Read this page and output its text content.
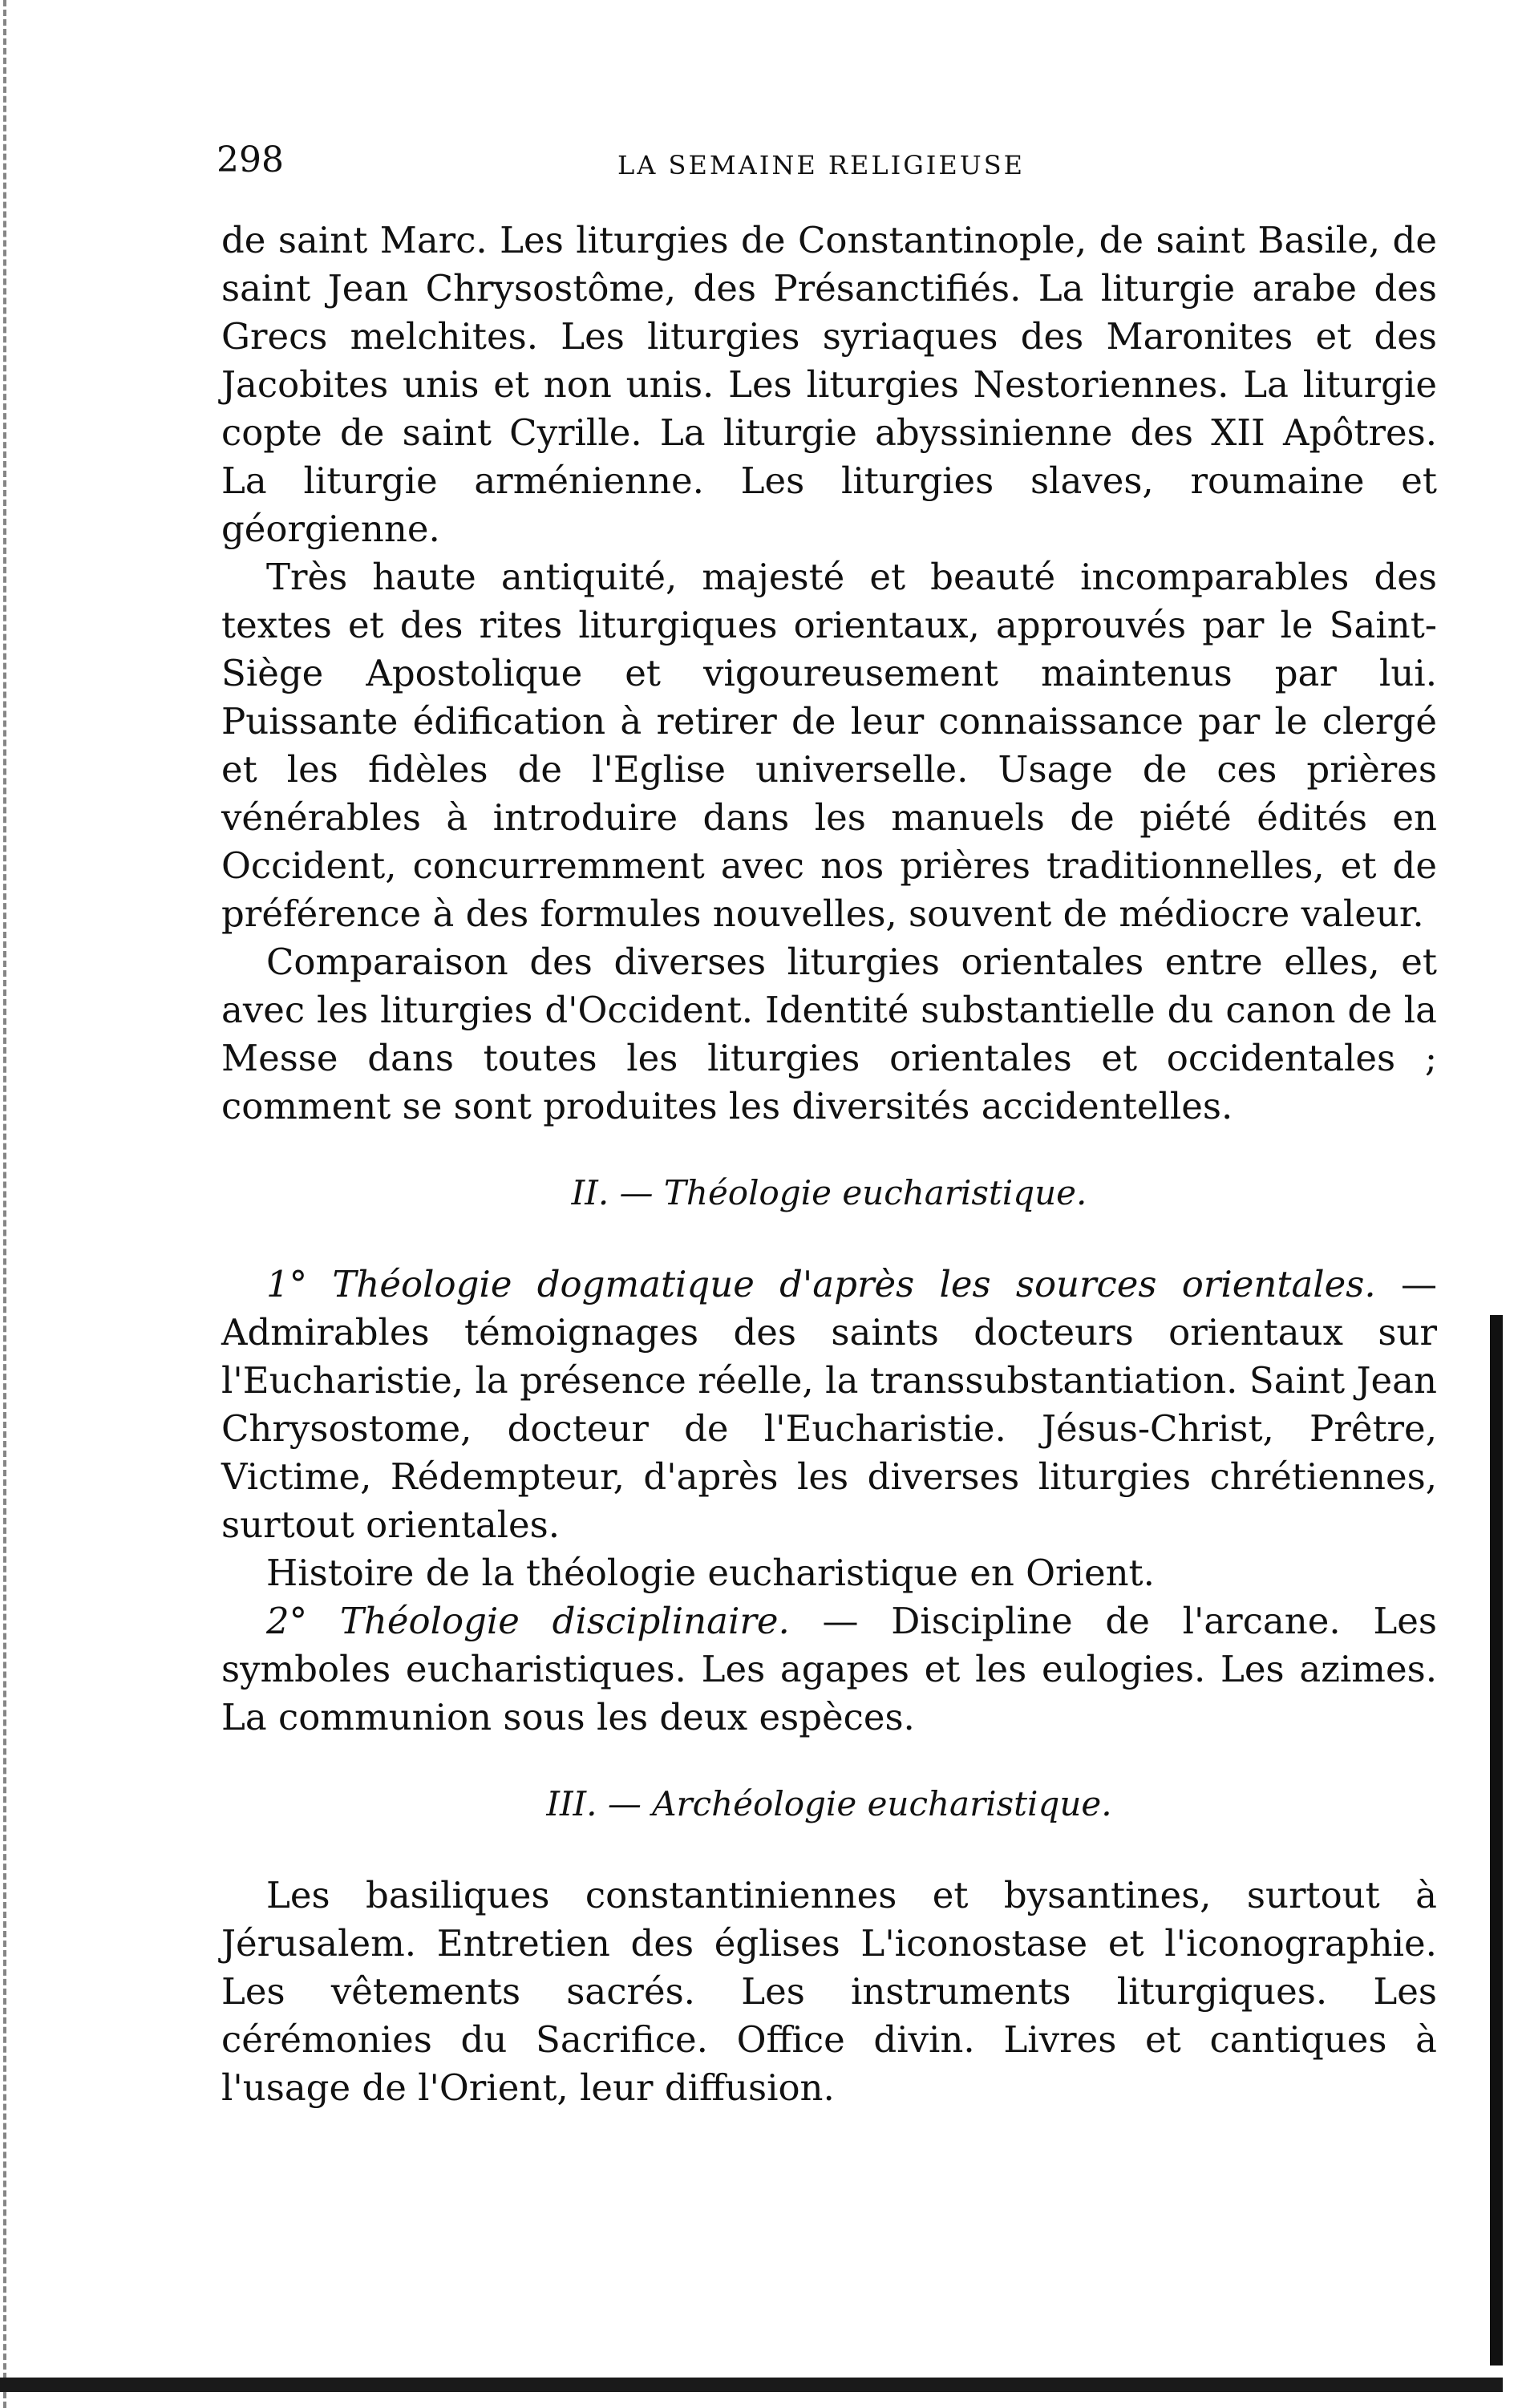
298	LA SEMAINE RELIGIEUSE

de saint Marc. Les liturgies de Constantinople, de saint Basile, de saint Jean Chrysostôme, des Présanctifiés. La liturgie arabe des Grecs melchites. Les liturgies syriaques des Maronites et des Jacobites unis et non unis. Les liturgies Nestoriennes. La liturgie copte de saint Cyrille. La liturgie abyssinienne des XII Apôtres. La liturgie arménienne. Les liturgies slaves, roumaine et géorgienne.

Très haute antiquité, majesté et beauté incomparables des textes et des rites liturgiques orientaux, approuvés par le Saint-Siège Apostolique et vigoureusement maintenus par lui. Puissante édification à retirer de leur connaissance par le clergé et les fidèles de l'Eglise universelle. Usage de ces prières vénérables à introduire dans les manuels de piété édités en Occident, concurremment avec nos prières traditionnelles, et de préférence à des formules nouvelles, souvent de médiocre valeur.

Comparaison des diverses liturgies orientales entre elles, et avec les liturgies d'Occident. Identité substantielle du canon de la Messe dans toutes les liturgies orientales et occidentales ; comment se sont produites les diversités accidentelles.

II. — Théologie eucharistique.

1° Théologie dogmatique d'après les sources orientales. — Admirables témoignages des saints docteurs orientaux sur l'Eucharistie, la présence réelle, la transsubstantiation. Saint Jean Chrysostome, docteur de l'Eucharistie. Jésus-Christ, Prêtre, Victime, Rédempteur, d'après les diverses liturgies chrétiennes, surtout orientales.

Histoire de la théologie eucharistique en Orient.

2° Théologie disciplinaire. — Discipline de l'arcane. Les symboles eucharistiques. Les agapes et les eulogies. Les azimes. La communion sous les deux espèces.

III. — Archéologie eucharistique.

Les basiliques constantiniennes et bysantines, surtout à Jérusalem. Entretien des églises L'iconostase et l'iconographie. Les vêtements sacrés. Les instruments liturgiques. Les cérémonies du Sacrifice. Office divin. Livres et cantiques à l'usage de l'Orient, leur diffusion.
